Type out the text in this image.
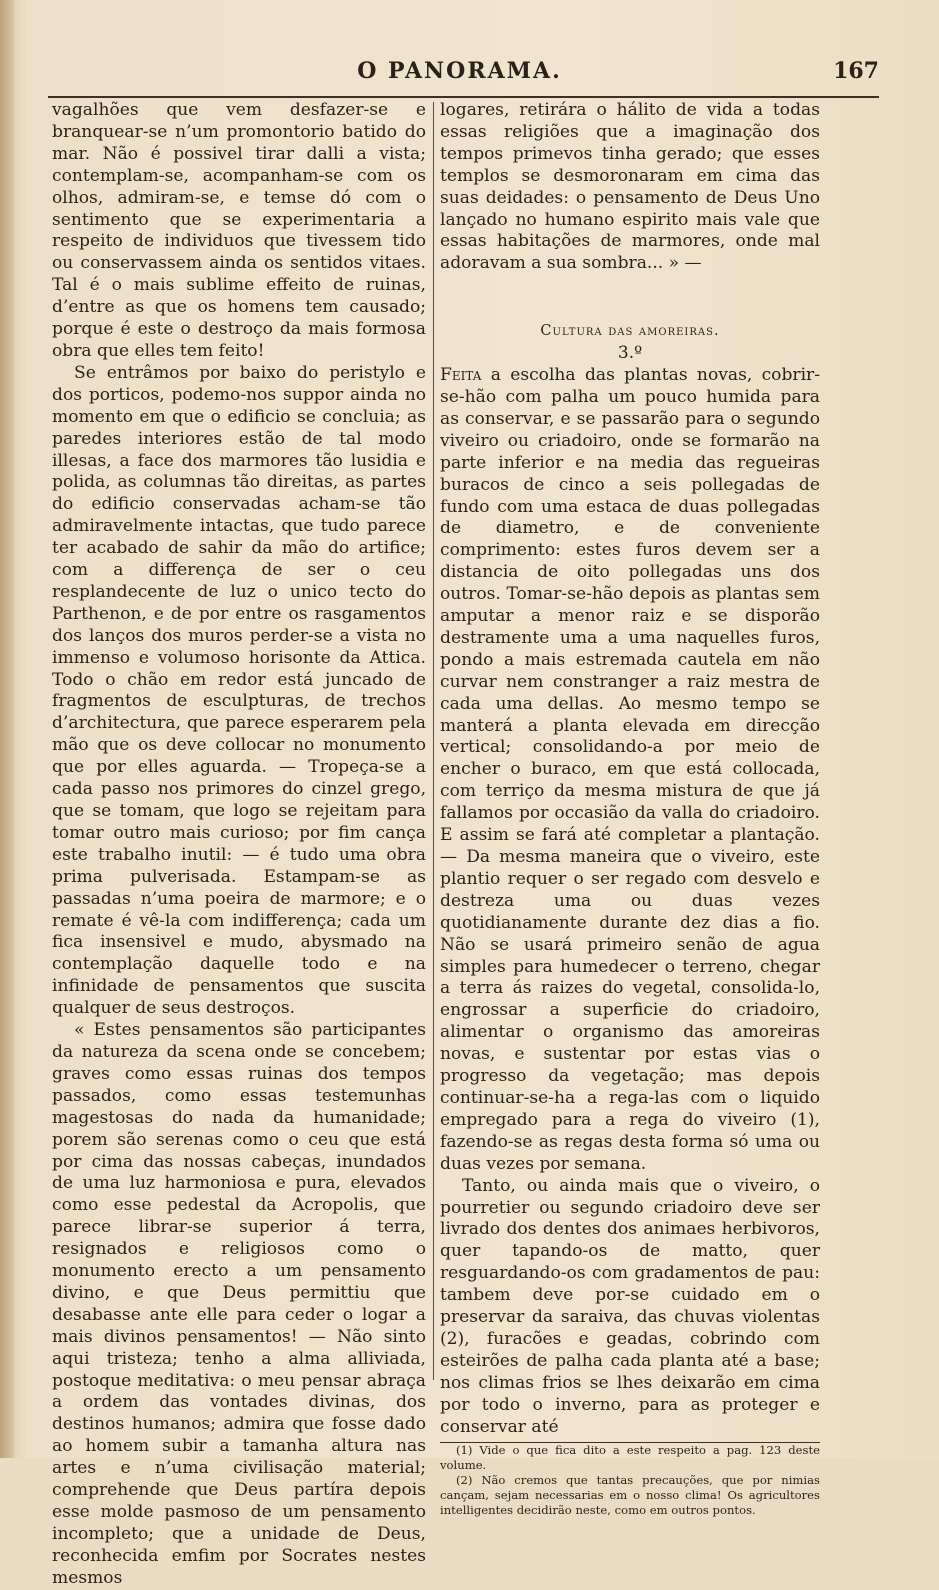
O PANORAMA.	167

vagalhões que vem desfazer-se e branquear-se n’um promontorio batido do mar. Não é possivel tirar dalli a vista; contemplam-se, acompanham-se com os olhos, admiram-se, e temse dó com o sentimento que se experimentaria a respeito de individuos que tivessem tido ou conservassem ainda os sentidos vitaes. Tal é o mais sublime effeito de ruinas, d’entre as que os homens tem causado; porque é este o destroço da mais formosa obra que elles tem feito!

Se entrâmos por baixo do peristylo e dos porticos, podemo-nos suppor ainda no momento em que o edificio se concluia; as paredes interiores estão de tal modo illesas, a face dos marmores tão lusidia e polida, as columnas tão direitas, as partes do edificio conservadas acham-se tão admiravelmente intactas, que tudo parece ter acabado de sahir da mão do artifice; com a differença de ser o ceu resplandecente de luz o unico tecto do Parthenon, e de por entre os rasgamentos dos lanços dos muros perder-se a vista no immenso e volumoso horisonte da Attica. Todo o chão em redor está juncado de fragmentos de esculpturas, de trechos d’architectura, que parece esperarem pela mão que os deve collocar no monumento que por elles aguarda. — Tropeça-se a cada passo nos primores do cinzel grego, que se tomam, que logo se rejeitam para tomar outro mais curioso; por fim cança este trabalho inutil: — é tudo uma obra prima pulverisada. Estampam-se as passadas n’uma poeira de marmore; e o remate é vê-la com indifferença; cada um fica insensivel e mudo, abysmado na contemplação daquelle todo e na infinidade de pensamentos que suscita qualquer de seus destroços.

« Estes pensamentos são participantes da natureza da scena onde se concebem; graves como essas ruinas dos tempos passados, como essas testemunhas magestosas do nada da humanidade; porem são serenas como o ceu que está por cima das nossas cabeças, inundados de uma luz harmoniosa e pura, elevados como esse pedestal da Acropolis, que parece librar-se superior á terra, resignados e religiosos como o monumento erecto a um pensamento divino, e que Deus permittiu que desabasse ante elle para ceder o logar a mais divinos pensamentos! — Não sinto aqui tristeza; tenho a alma alliviada, postoque meditativa: o meu pensar abraça a ordem das vontades divinas, dos destinos humanos; admira que fosse dado ao homem subir a tamanha altura nas artes e n’uma civilisação material; comprehende que Deus partíra depois esse molde pasmoso de um pensamento incompleto; que a unidade de Deus, reconhecida emfim por Socrates nestes mesmos

logares, retirára o hálito de vida a todas essas religiões que a imaginação dos tempos primevos tinha gerado; que esses templos se desmoronaram em cima das suas deidades: o pensamento de Deus Uno lançado no humano espirito mais vale que essas habitações de marmores, onde mal adoravam a sua sombra... » —

Cultura das amoreiras.

3.º

Feita a escolha das plantas novas, cobrir-se-hão com palha um pouco humida para as conservar, e se passarão para o segundo viveiro ou criadoiro, onde se formarão na parte inferior e na media das regueiras buracos de cinco a seis pollegadas de fundo com uma estaca de duas pollegadas de diametro, e de conveniente comprimento: estes furos devem ser a distancia de oito pollegadas uns dos outros. Tomar-se-hão depois as plantas sem amputar a menor raiz e se disporão destramente uma a uma naquelles furos, pondo a mais estremada cautela em não curvar nem constranger a raiz mestra de cada uma dellas. Ao mesmo tempo se manterá a planta elevada em direcção vertical; consolidando-a por meio de encher o buraco, em que está collocada, com terriço da mesma mistura de que já fallamos por occasião da valla do criadoiro. E assim se fará até completar a plantação. — Da mesma maneira que o viveiro, este plantio requer o ser regado com desvelo e destreza uma ou duas vezes quotidianamente durante dez dias a fio. Não se usará primeiro senão de agua simples para humedecer o terreno, chegar a terra ás raizes do vegetal, consolida-lo, engrossar a superficie do criadoiro, alimentar o organismo das amoreiras novas, e sustentar por estas vias o progresso da vegetação; mas depois continuar-se-ha a rega-las com o liquido empregado para a rega do viveiro (1), fazendo-se as regas desta forma só uma ou duas vezes por semana.

Tanto, ou ainda mais que o viveiro, o pourretier ou segundo criadoiro deve ser livrado dos dentes dos animaes herbivoros, quer tapando-os de matto, quer resguardando-os com gradamentos de pau: tambem deve por-se cuidado em o preservar da saraiva, das chuvas violentas (2), furacões e geadas, cobrindo com esteirões de palha cada planta até a base; nos climas frios se lhes deixarão em cima por todo o inverno, para as proteger e conservar até

(1) Vide o que fica dito a este respeito a pag. 123 deste volume.

(2) Não cremos que tantas precauções, que por nimias cançam, sejam necessarias em o nosso clima! Os agricultores intelligentes decidirão neste, como em outros pontos.
